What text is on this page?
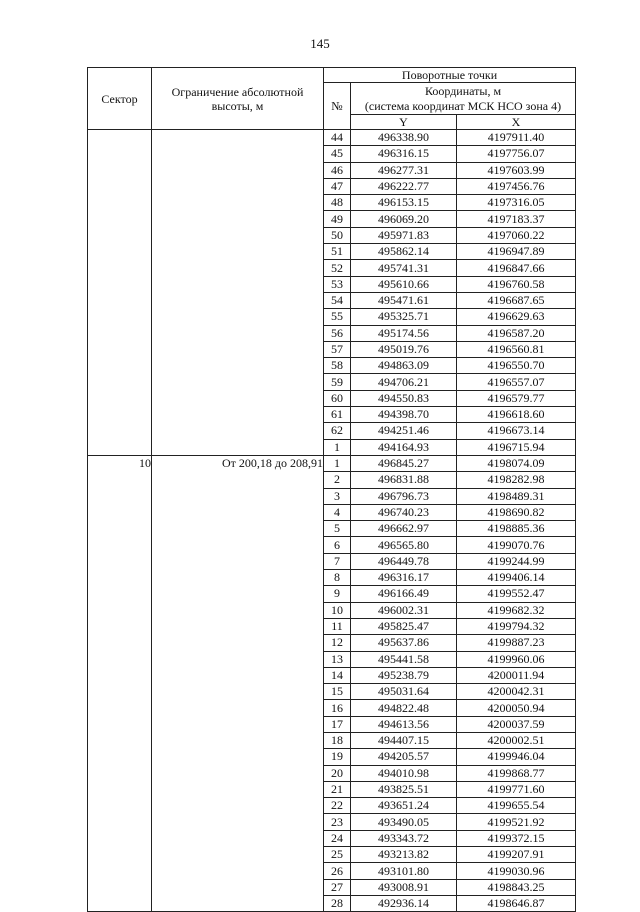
145
Сектор	Ограничение абсолютной высоты, м	Поворотные точки		
		№	Координаты, м	
			(система координат МСК НСО зона 4)	
			Y	X
		44	496338.90	4197911.40
		45	496316.15	4197756.07
		46	496277.31	4197603.99
		47	496222.77	4197456.76
		48	496153.15	4197316.05
		49	496069.20	4197183.37
		50	495971.83	4197060.22
		51	495862.14	4196947.89
		52	495741.31	4196847.66
		53	495610.66	4196760.58
		54	495471.61	4196687.65
		55	495325.71	4196629.63
		56	495174.56	4196587.20
		57	495019.76	4196560.81
		58	494863.09	4196550.70
		59	494706.21	4196557.07
		60	494550.83	4196579.77
		61	494398.70	4196618.60
		62	494251.46	4196673.14
		1	494164.93	4196715.94
10	От 200,18 до 208,91	1	496845.27	4198074.09
		2	496831.88	4198282.98
		3	496796.73	4198489.31
		4	496740.23	4198690.82
		5	496662.97	4198885.36
		6	496565.80	4199070.76
		7	496449.78	4199244.99
		8	496316.17	4199406.14
		9	496166.49	4199552.47
		10	496002.31	4199682.32
		11	495825.47	4199794.32
		12	495637.86	4199887.23
		13	495441.58	4199960.06
		14	495238.79	4200011.94
		15	495031.64	4200042.31
		16	494822.48	4200050.94
		17	494613.56	4200037.59
		18	494407.15	4200002.51
		19	494205.57	4199946.04
		20	494010.98	4199868.77
		21	493825.51	4199771.60
		22	493651.24	4199655.54
		23	493490.05	4199521.92
		24	493343.72	4199372.15
		25	493213.82	4199207.91
		26	493101.80	4199030.96
		27	493008.91	4198843.25
		28	492936.14	4198646.87
